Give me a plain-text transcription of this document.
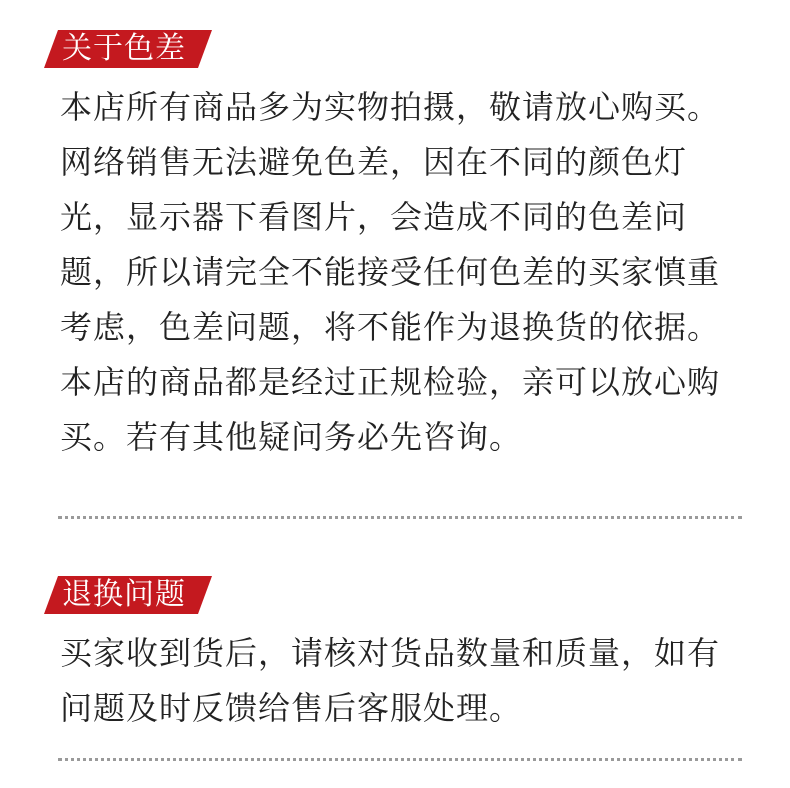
关于色差
本店所有商品多为实物拍摄，敬请放心购买。网络销售无法避免色差，因在不同的颜色灯光，显示器下看图片，会造成不同的色差问题，所以请完全不能接受任何色差的买家慎重考虑，色差问题，将不能作为退换货的依据。本店的商品都是经过正规检验，亲可以放心购买。若有其他疑问务必先咨询。
退换问题
买家收到货后，请核对货品数量和质量，如有问题及时反馈给售后客服处理。
